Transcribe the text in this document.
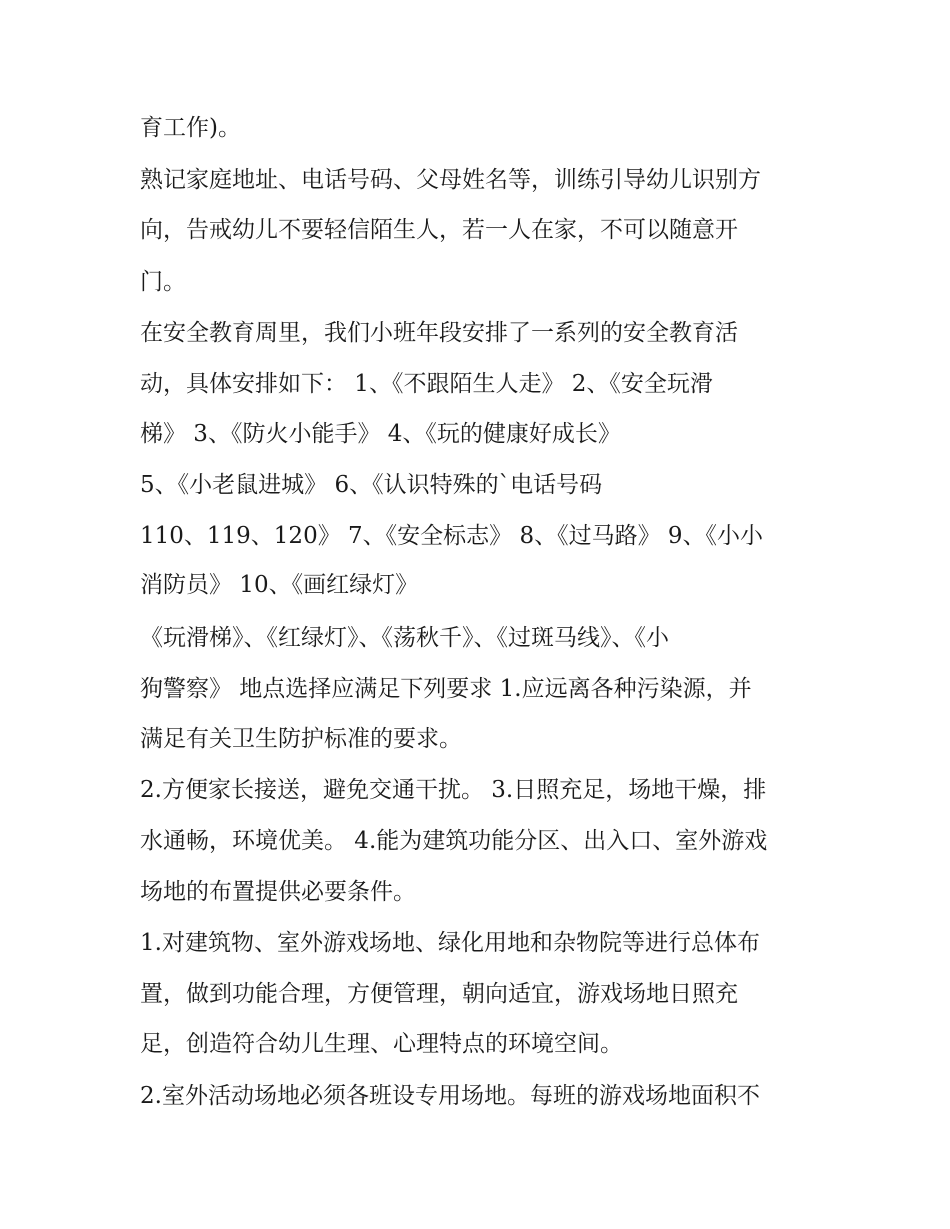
育工作)。
熟记家庭地址、电话号码、父母姓名等，训练引导幼儿识别方
向，告戒幼儿不要轻信陌生人，若一人在家，不可以随意开
门。
在安全教育周里，我们小班年段安排了一系列的安全教育活
动，具体安排如下： 1、《不跟陌生人走》 2、《安全玩滑
梯》 3、《防火小能手》 4、《玩的健康好成长》
5、《小老鼠进城》 6、《认识特殊的`电话号码
110、119、120》 7、《安全标志》 8、《过马路》 9、《小小
消防员》 10、《画红绿灯》
《玩滑梯》、《红绿灯》、《荡秋千》、《过斑马线》、《小
狗警察》 地点选择应满足下列要求 1.应远离各种污染源，并
满足有关卫生防护标准的要求。
2.方便家长接送，避免交通干扰。 3.日照充足，场地干燥，排
水通畅，环境优美。 4.能为建筑功能分区、出入口、室外游戏
场地的布置提供必要条件。
1.对建筑物、室外游戏场地、绿化用地和杂物院等进行总体布
置，做到功能合理，方便管理，朝向适宜，游戏场地日照充
足，创造符合幼儿生理、心理特点的环境空间。
2.室外活动场地必须各班设专用场地。每班的游戏场地面积不
